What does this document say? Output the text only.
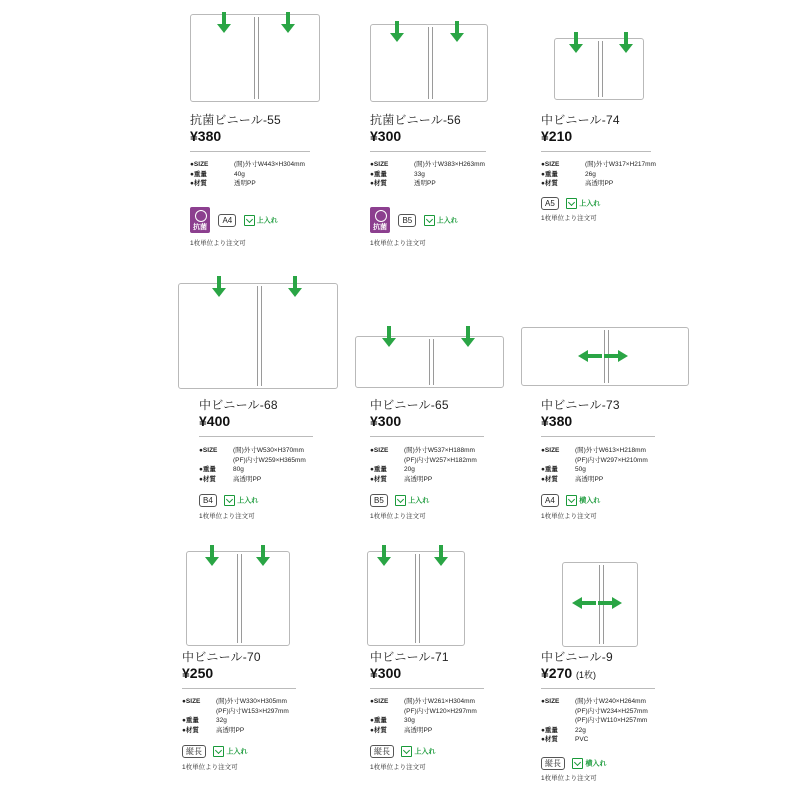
抗菌ビニール-55
¥380
●SIZE	(開)外寸W443×H304mm
●重量	40g
●材質	透明PP
抗菌
A4	上入れ
1枚単位より注文可
抗菌ビニール-56
¥300
●SIZE	(開)外寸W383×H263mm
●重量	33g
●材質	透明PP
抗菌
B5	上入れ
1枚単位より注文可
中ビニール-74
¥210
●SIZE	(開)外寸W317×H217mm
●重量	26g
●材質	高透明PP
A5	上入れ
1枚単位より注文可
中ビニール-68
¥400
●SIZE (開)外寸W530×H370mm
(PF)内寸W259×H365mm
●重量	80g
●材質	高透明PP
B4	上入れ
1枚単位より注文可
中ビニール-65
¥300
●SIZE (開)外寸W537×H188mm
(PF)内寸W257×H182mm
●重量	20g
●材質	高透明PP
B5	上入れ
1枚単位より注文可
中ビニール-73
¥380
●SIZE (開)外寸W613×H218mm
(PF)内寸W297×H210mm
●重量	50g
●材質	高透明PP
A4	横入れ
1枚単位より注文可
中ビニール-70
¥250
●SIZE (開)外寸W330×H305mm
(PF)内寸W153×H297mm
●重量	32g
●材質	高透明PP
縦長	上入れ
1枚単位より注文可
中ビニール-71
¥300
●SIZE (開)外寸W261×H304mm
(PF)内寸W120×H297mm
●重量	30g
●材質	高透明PP
縦長	上入れ
1枚単位より注文可
中ビニール-9
¥270 (1枚)
●SIZE (開)外寸W240×H264mm
(PF)内寸W234×H257mm
(PF)内寸W110×H257mm
●重量	22g
●材質	PVC
縦長	横入れ
1枚単位より注文可
